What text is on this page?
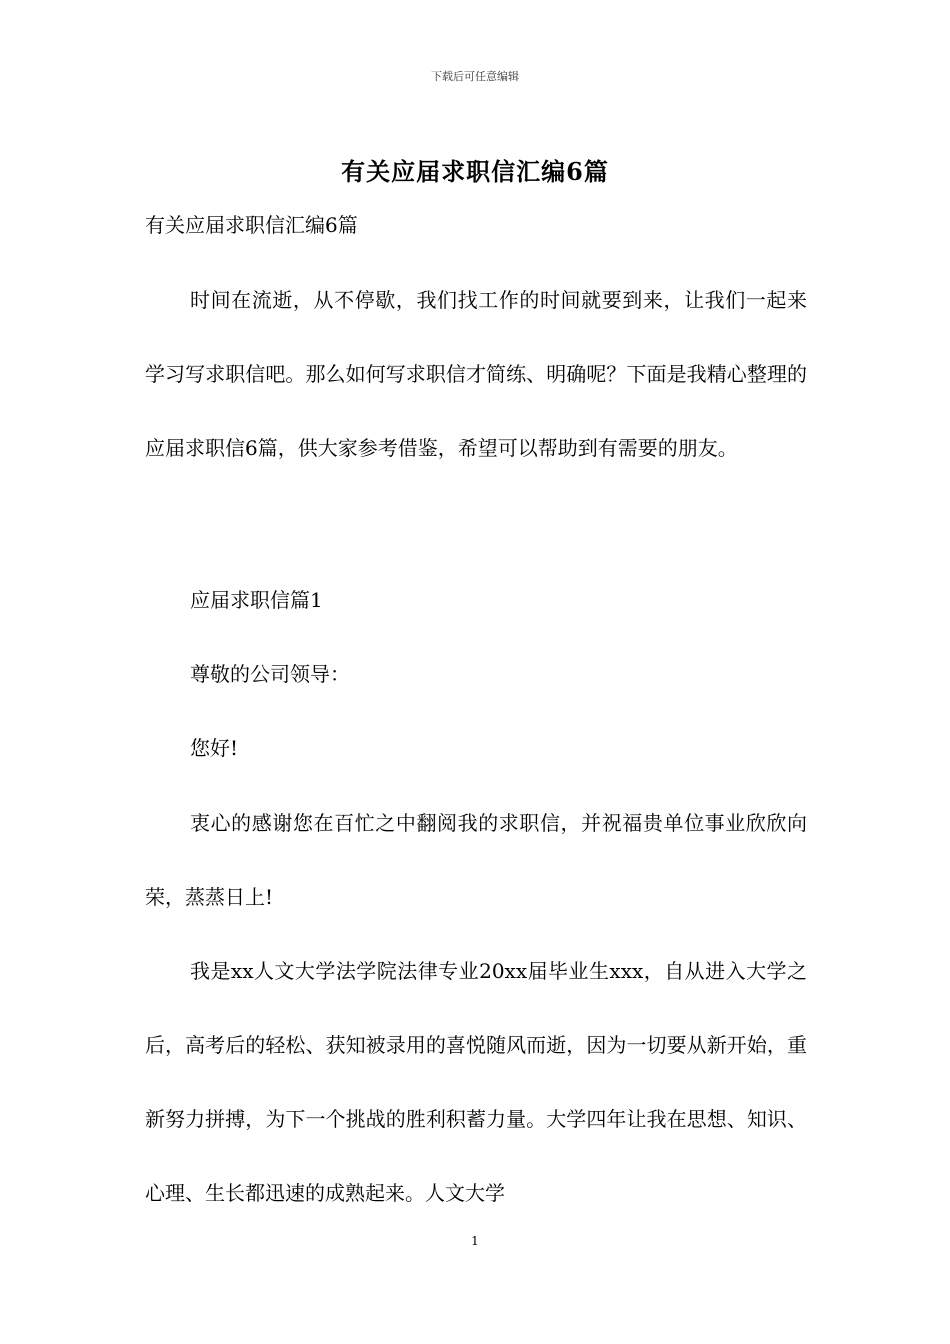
下载后可任意编辑
有关应届求职信汇编6篇
有关应届求职信汇编6篇

时间在流逝，从不停歇，我们找工作的时间就要到来，让我们一起来学习写求职信吧。那么如何写求职信才简练、明确呢？下面是我精心整理的应届求职信6篇，供大家参考借鉴，希望可以帮助到有需要的朋友。

应届求职信篇1

尊敬的公司领导：

您好!

衷心的感谢您在百忙之中翻阅我的求职信，并祝福贵单位事业欣欣向荣，蒸蒸日上!

我是xx人文大学法学院法律专业20xx届毕业生xxx，自从进入大学之后，高考后的轻松、获知被录用的喜悦随风而逝，因为一切要从新开始，重新努力拼搏，为下一个挑战的胜利积蓄力量。大学四年让我在思想、知识、心理、生长都迅速的成熟起来。人文大学

1
